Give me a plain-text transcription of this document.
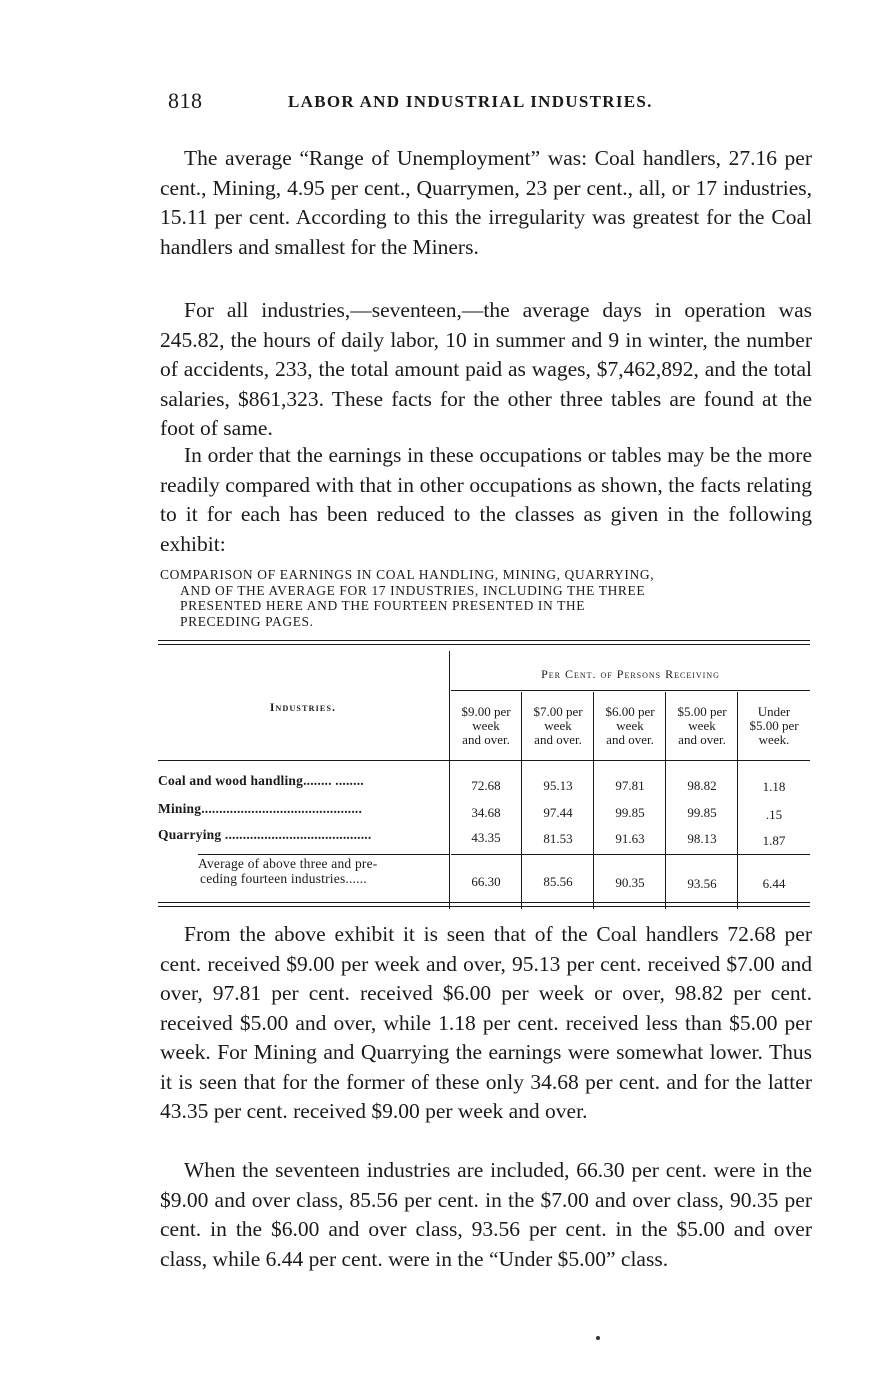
818	LABOR AND INDUSTRIAL INDUSTRIES.

The average “Range of Unemployment” was: Coal handlers, 27.16 per cent., Mining, 4.95 per cent., Quarrymen, 23 per cent., all, or 17 industries, 15.11 per cent. According to this the irregularity was greatest for the Coal handlers and smallest for the Miners.

For all industries,—seventeen,—the average days in operation was 245.82, the hours of daily labor, 10 in summer and 9 in winter, the number of accidents, 233, the total amount paid as wages, $7,462,892, and the total salaries, $861,323. These facts for the other three tables are found at the foot of same.

In order that the earnings in these occupations or tables may be the more readily compared with that in other occupations as shown, the facts relating to it for each has been reduced to the classes as given in the following exhibit:

COMPARISON OF EARNINGS IN COAL HANDLING, MINING, QUARRYING,
AND OF THE AVERAGE FOR 17 INDUSTRIES, INCLUDING THE THREE
PRESENTED HERE AND THE FOURTEEN PRESENTED IN THE
PRECEDING PAGES.
Per Cent. of Persons Receiving
Industries.	$9.00 per
week
and over.
$7.00 per
week
and over.
$6.00 per
week
and over.
$5.00 per
week
and over.
Under
$5.00 per
week.
Coal and wood handling........ ........	72.68	95.13	97.81	98.82	1.18
Mining.............................................	34.68	97.44	99.85	99.85	.15
Quarrying .........................................	43.35	81.53	91.63	98.13	1.87
Average of above three and pre-
ceding fourteen industries......	66.30	85.56	90.35	93.56	6.44

From the above exhibit it is seen that of the Coal handlers 72.68 per cent. received $9.00 per week and over, 95.13 per cent. received $7.00 and over, 97.81 per cent. received $6.00 per week or over, 98.82 per cent. received $5.00 and over, while 1.18 per cent. received less than $5.00 per week. For Mining and Quarrying the earnings were somewhat lower. Thus it is seen that for the former of these only 34.68 per cent. and for the latter 43.35 per cent. received $9.00 per week and over.

When the seventeen industries are included, 66.30 per cent. were in the $9.00 and over class, 85.56 per cent. in the $7.00 and over class, 90.35 per cent. in the $6.00 and over class, 93.56 per cent. in the $5.00 and over class, while 6.44 per cent. were in the “Under $5.00” class.
